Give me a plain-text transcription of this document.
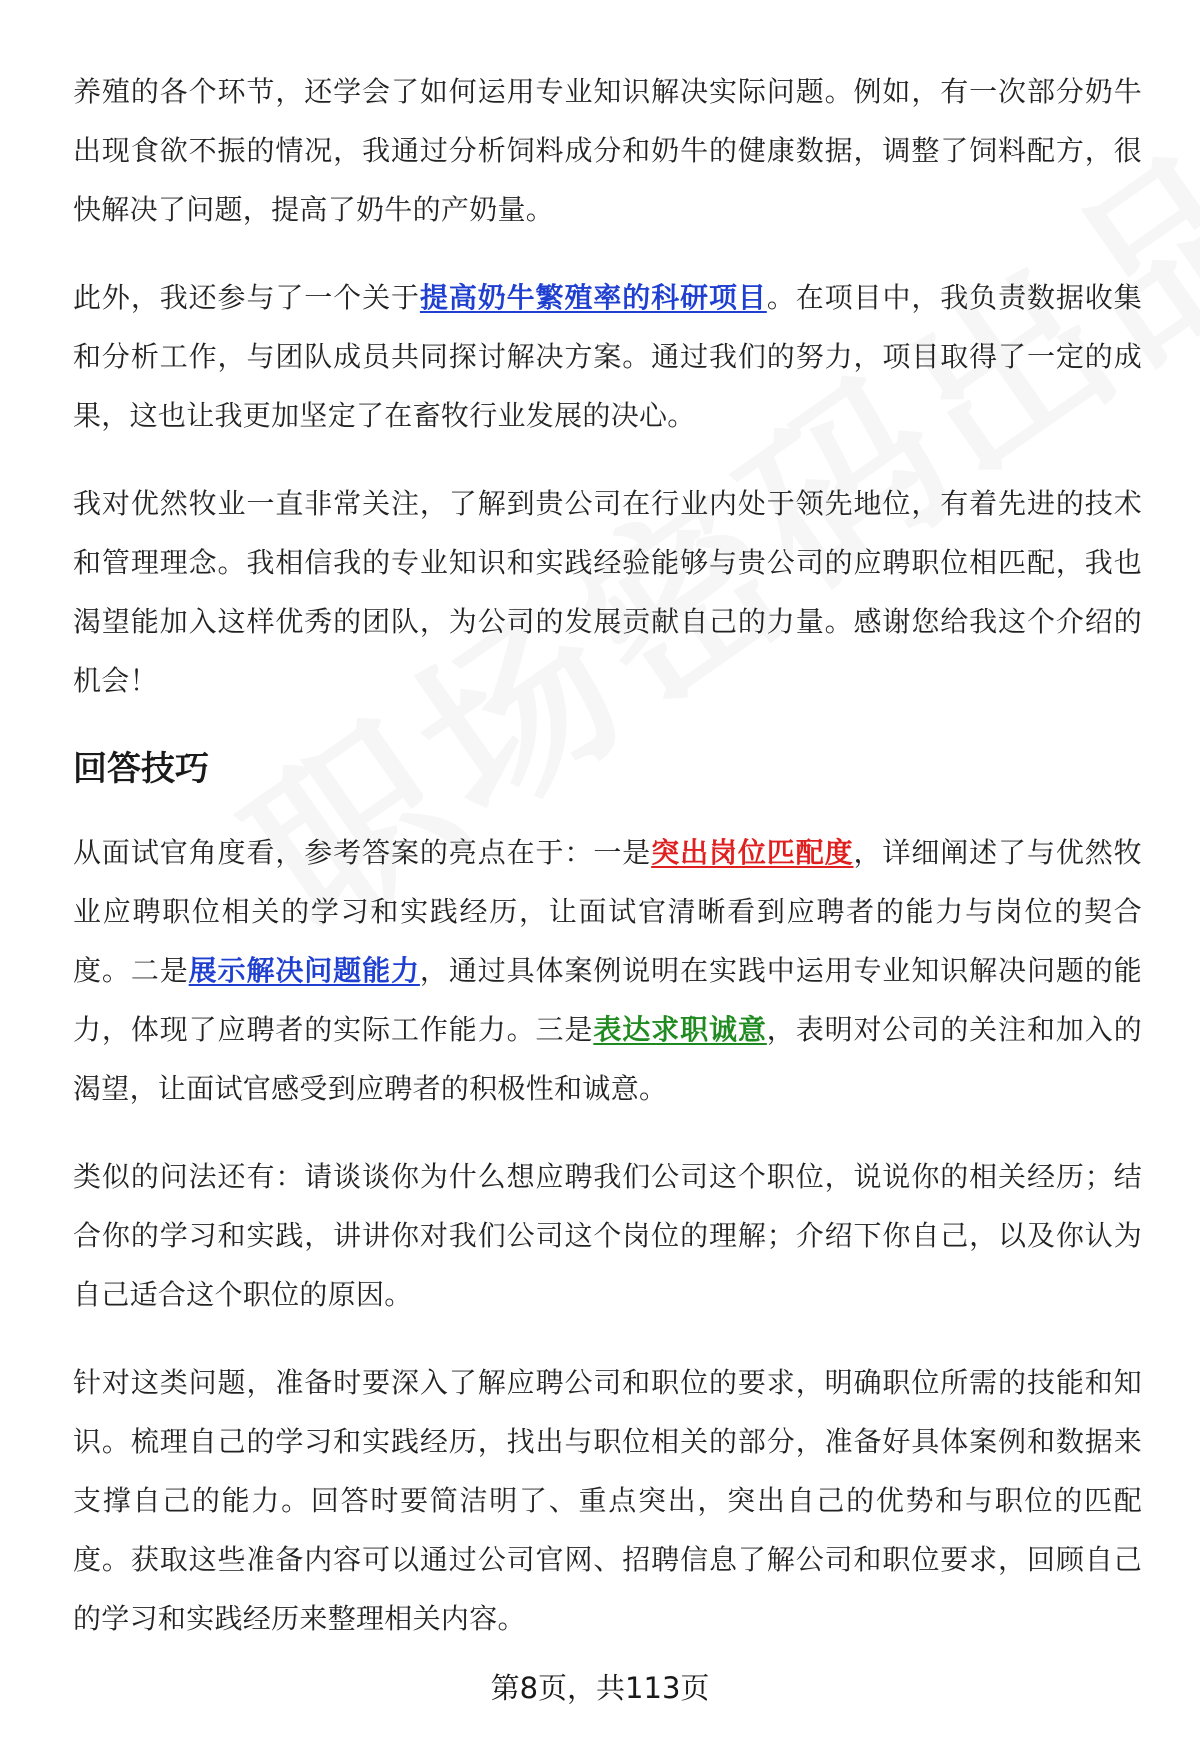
养殖的各个环节，还学会了如何运用专业知识解决实际问题。例如，有一次部分奶牛出现食欲不振的情况，我通过分析饲料成分和奶牛的健康数据，调整了饲料配方，很快解决了问题，提高了奶牛的产奶量。

此外，我还参与了一个关于提高奶牛繁殖率的科研项目。在项目中，我负责数据收集和分析工作，与团队成员共同探讨解决方案。通过我们的努力，项目取得了一定的成果，这也让我更加坚定了在畜牧行业发展的决心。

我对优然牧业一直非常关注，了解到贵公司在行业内处于领先地位，有着先进的技术和管理理念。我相信我的专业知识和实践经验能够与贵公司的应聘职位相匹配，我也渴望能加入这样优秀的团队，为公司的发展贡献自己的力量。感谢您给我这个介绍的机会！

回答技巧

从面试官角度看，参考答案的亮点在于：一是突出岗位匹配度，详细阐述了与优然牧业应聘职位相关的学习和实践经历，让面试官清晰看到应聘者的能力与岗位的契合度。二是展示解决问题能力，通过具体案例说明在实践中运用专业知识解决问题的能力，体现了应聘者的实际工作能力。三是表达求职诚意，表明对公司的关注和加入的渴望，让面试官感受到应聘者的积极性和诚意。

类似的问法还有：请谈谈你为什么想应聘我们公司这个职位，说说你的相关经历；结合你的学习和实践，讲讲你对我们公司这个岗位的理解；介绍下你自己，以及你认为自己适合这个职位的原因。

针对这类问题，准备时要深入了解应聘公司和职位的要求，明确职位所需的技能和知识。梳理自己的学习和实践经历，找出与职位相关的部分，准备好具体案例和数据来支撑自己的能力。回答时要简洁明了、重点突出，突出自己的优势和与职位的匹配度。获取这些准备内容可以通过公司官网、招聘信息了解公司和职位要求，回顾自己的学习和实践经历来整理相关内容。

第8页，共113页
